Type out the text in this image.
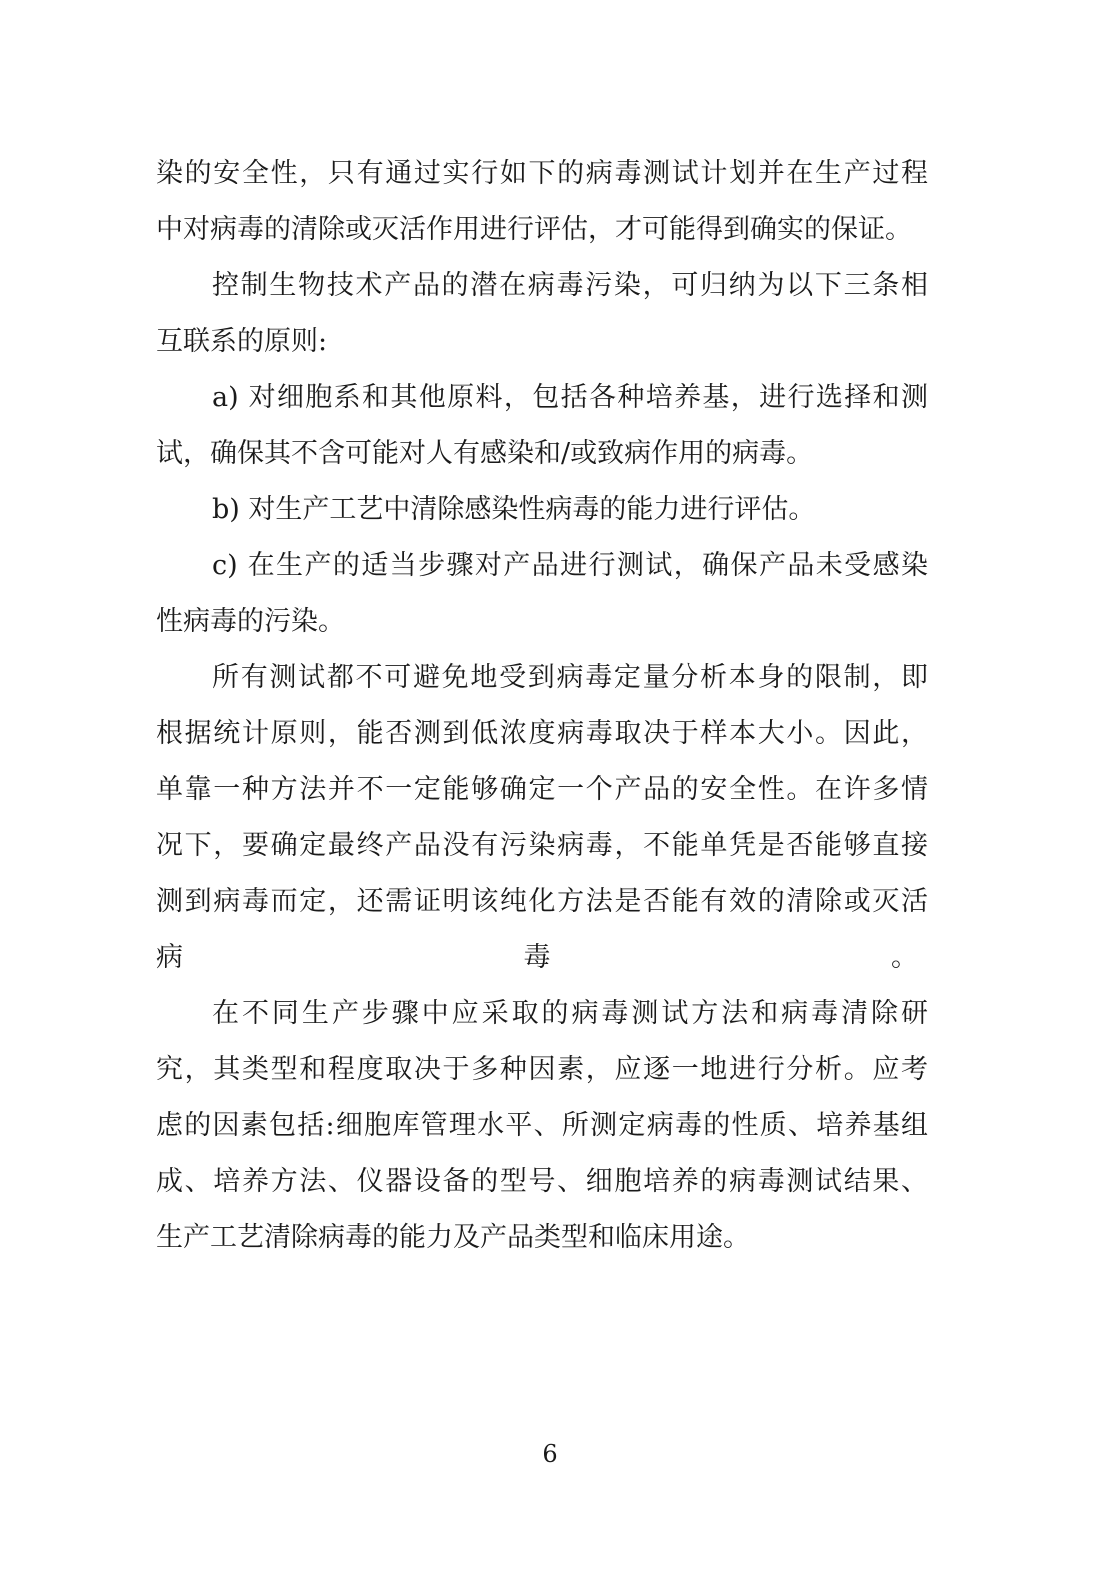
染的安全性，只有通过实行如下的病毒测试计划并在生产过程
中对病毒的清除或灭活作用进行评估，才可能得到确实的保证。
控制生物技术产品的潜在病毒污染，可归纳为以下三条相
互联系的原则:
a) 对细胞系和其他原料，包括各种培养基，进行选择和测
试，确保其不含可能对人有感染和/或致病作用的病毒。
b) 对生产工艺中清除感染性病毒的能力进行评估。
c) 在生产的适当步骤对产品进行测试，确保产品未受感染
性病毒的污染。
所有测试都不可避免地受到病毒定量分析本身的限制，即
根据统计原则，能否测到低浓度病毒取决于样本大小。因此，
单靠一种方法并不一定能够确定一个产品的安全性。在许多情
况下，要确定最终产品没有污染病毒，不能单凭是否能够直接
测到病毒而定，还需证明该纯化方法是否能有效的清除或灭活
病	毒	。
在不同生产步骤中应采取的病毒测试方法和病毒清除研
究，其类型和程度取决于多种因素，应逐一地进行分析。应考
虑的因素包括:细胞库管理水平、所测定病毒的性质、培养基组
成、培养方法、仪器设备的型号、细胞培养的病毒测试结果、
生产工艺清除病毒的能力及产品类型和临床用途。
6
